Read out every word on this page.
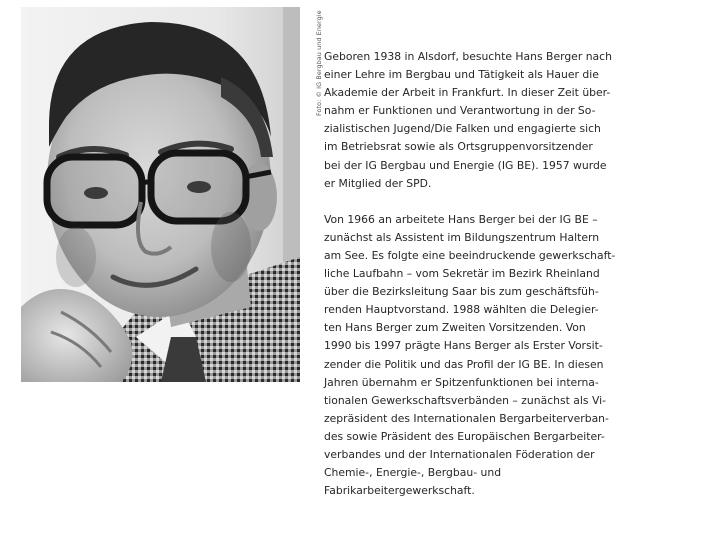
Foto: © IG Bergbau und Energie Geboren 1938 in Alsdorf, besuchte Hans Berger nach
einer Lehre im Bergbau und Tätigkeit als Hauer die
Akademie der Arbeit in Frankfurt. In dieser Zeit über-
nahm er Funktionen und Verantwortung in der So-
zialistischen Jugend/Die Falken und engagierte sich
im Betriebsrat sowie als Ortsgruppenvorsitzender
bei der IG Bergbau und Energie (IG BE). 1957 wurde
er Mitglied der SPD.

Von 1966 an arbeitete Hans Berger bei der IG BE –
zunächst als Assistent im Bildungszentrum Haltern
am See. Es folgte eine beeindruckende gewerkschaft-
liche Laufbahn – vom Sekretär im Bezirk Rheinland
über die Bezirksleitung Saar bis zum geschäftsfüh-
renden Hauptvorstand. 1988 wählten die Delegier-
ten Hans Berger zum Zweiten Vorsitzenden. Von
1990 bis 1997 prägte Hans Berger als Erster Vorsit-
zender die Politik und das Profil der IG BE. In diesen
Jahren übernahm er Spitzenfunktionen bei interna-
tionalen Gewerkschaftsverbänden – zunächst als Vi-
zepräsident des Internationalen Bergarbeiterverban-
des sowie Präsident des Europäischen Bergarbeiter-
verbandes und der Internationalen Föderation der
Chemie-, Energie-, Bergbau- und
Fabrikarbeitergewerkschaft.
